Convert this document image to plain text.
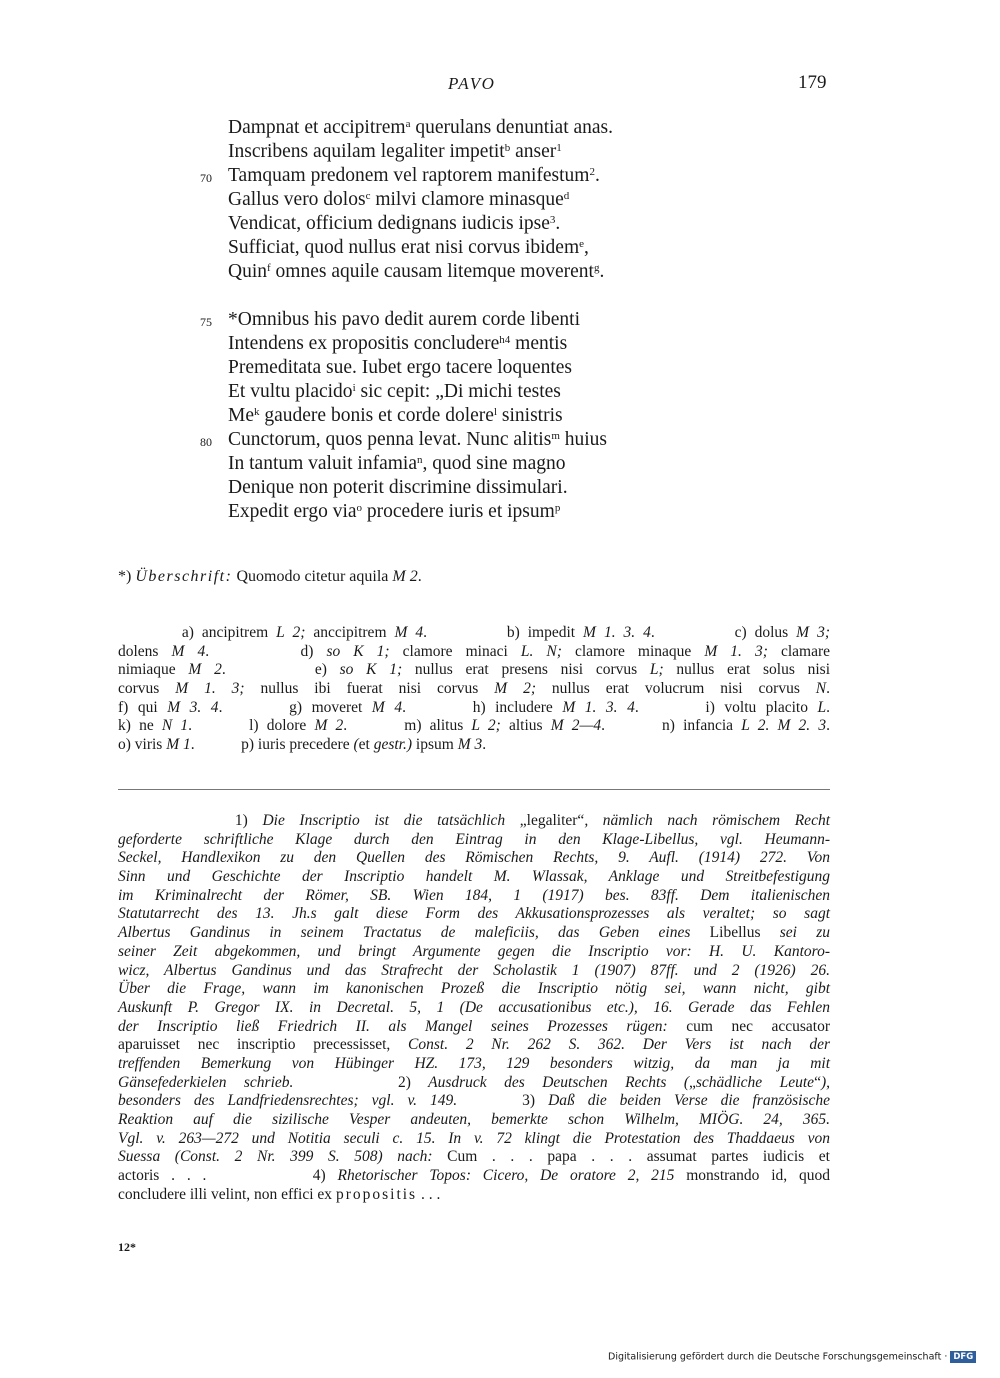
PAVO	179
Dampnat et accipitrem$^a$ querulans denuntiat anas.
Inscribens aquilam legaliter impetit$^b$ anser$^1$
70 Tamquam predonem vel raptorem manifestum$^2$.
Gallus vero dolos$^c$ milvi clamore minasque$^d$
Vendicat, officium dedignans iudicis ipse$^3$.
Sufficiat, quod nullus erat nisi corvus ibidem$^e$,
Quin$^f$ omnes aquile causam litemque moverent$^g$.
75 *Omnibus his pavo dedit aurem corde libenti
Intendens ex propositis concludere$^{h4}$ mentis
Premeditata sue. Iubet ergo tacere loquentes
Et vultu placido$^i$ sic cepit: „Di michi testes
Me$^k$ gaudere bonis et corde dolere$^l$ sinistris
80 Cunctorum, quos penna levat. Nunc alitis$^m$ huius
In tantum valuit infamia$^n$, quod sine magno
Denique non poterit discrimine dissimulari.
Expedit ergo via$^o$ procedere iuris et ipsum$^p$
*) Überschrift: Quomodo citetur aquila M 2.
a) ancipitrem L 2; anccipitrem M 4.          b) impedit M 1. 3. 4.          c) dolus M 3;
dolens M 4.       d) so K 1; clamore minaci L. N; clamore minaque M 1. 3; clamare
nimiaque M 2.       e) so K 1; nullus erat presens nisi corvus L; nullus erat solus nisi
corvus M 1. 3; nullus ibi fuerat nisi corvus M 2; nullus erat volucrum nisi corvus N.
f) qui M 3. 4.       g) moveret M 4.       h) includere M 1. 3. 4.       i) voltu placito L.
k) ne N 1.       l) dolore M 2.       m) alitus L 2; altius M 2—4.       n) infancia L 2. M 2. 3.
o) viris M 1.            p) iuris precedere (et gestr.) ipsum M 3.
1) Die Inscriptio ist die tatsächlich „legaliter“, nämlich nach römischem Recht
geforderte schriftliche Klage durch den Eintrag in den Klage-Libellus, vgl. Heumann-
Seckel, Handlexikon zu den Quellen des Römischen Rechts, 9. Aufl. (1914) 272. Von
Sinn und Geschichte der Inscriptio handelt M. Wlassak, Anklage und Streitbefestigung
im Kriminalrecht der Römer, SB. Wien 184, 1 (1917) bes. 83ff. Dem italienischen
Statutarrecht des 13. Jh.s galt diese Form des Akkusationsprozesses als veraltet; so sagt
Albertus Gandinus in seinem Tractatus de maleficiis, das Geben eines Libellus sei zu
seiner Zeit abgekommen, und bringt Argumente gegen die Inscriptio vor: H. U. Kantoro-
wicz, Albertus Gandinus und das Strafrecht der Scholastik 1 (1907) 87ff. und 2 (1926) 26.
Über die Frage, wann im kanonischen Prozeß die Inscriptio nötig sei, wann nicht, gibt
Auskunft P. Gregor IX. in Decretal. 5, 1 (De accusationibus etc.), 16. Gerade das Fehlen
der Inscriptio ließ Friedrich II. als Mangel seines Prozesses rügen: cum nec accusator
aparuisset nec inscriptio precessisset, Const. 2 Nr. 262 S. 362. Der Vers ist nach der
treffenden Bemerkung von Hübinger HZ. 173, 129 besonders witzig, da man ja mit
Gänsefederkielen schrieb.      2) Ausdruck des Deutschen Rechts („schädliche Leute“),
besonders des Landfriedensrechtes; vgl. v. 149.     3) Daß die beiden Verse die französische
Reaktion auf die sizilische Vesper andeuten, bemerkte schon Wilhelm, MIÖG. 24, 365.
Vgl. v. 263—272 und Notitia seculi c. 15. In v. 72 klingt die Protestation des Thaddaeus von
Suessa (Const. 2 Nr. 399 S. 508) nach: Cum . . . papa . . . assumat partes iudicis et
actoris . . .	4) Rhetorischer Topos: Cicero, De oratore 2, 215 monstrando id, quod
concludere illi velint, non effici ex propositis . . .
12*
Digitalisierung gefördert durch die Deutsche Forschungsgemeinschaft · DFG
